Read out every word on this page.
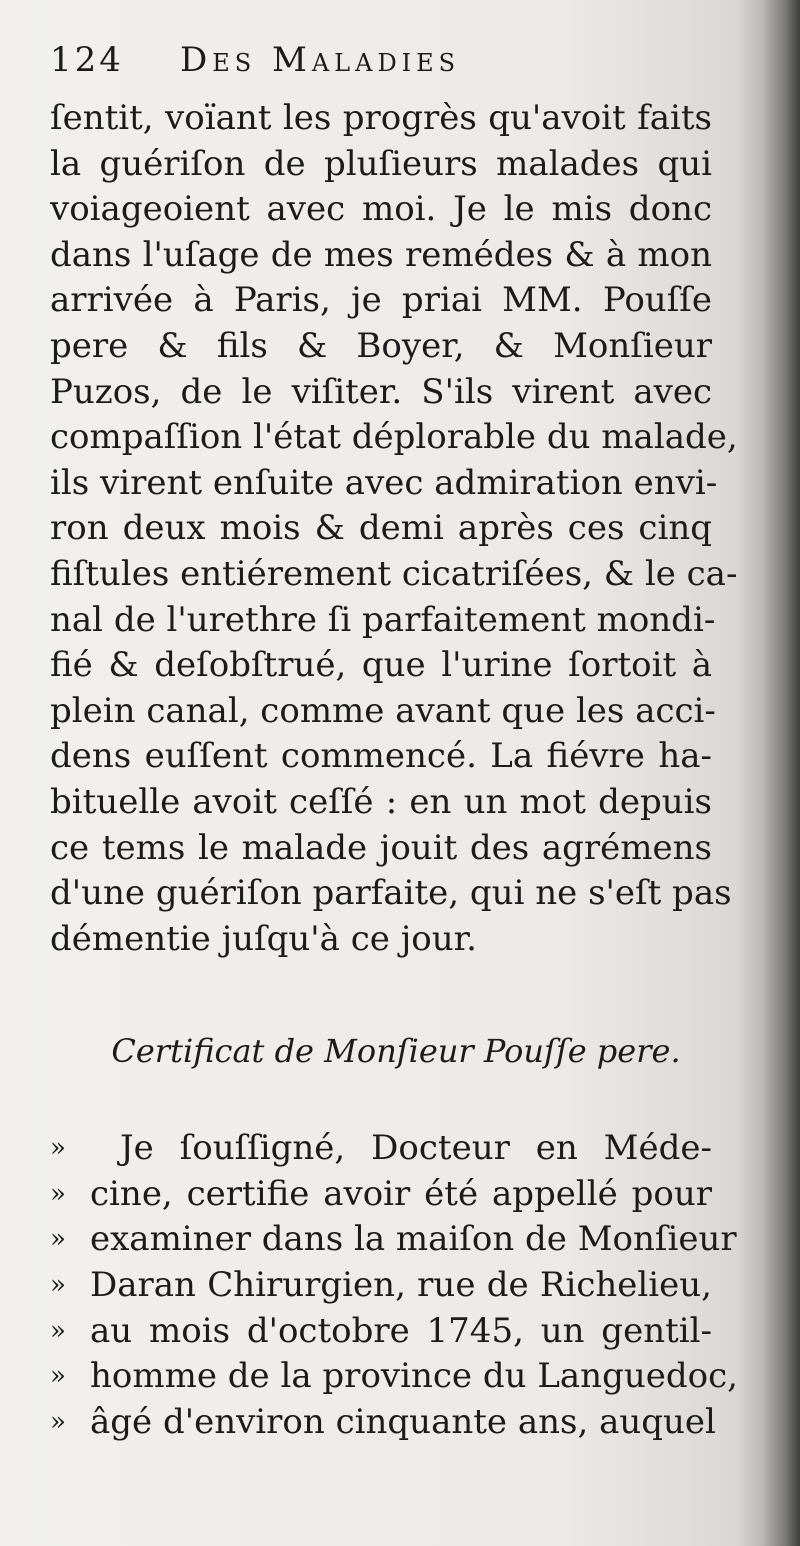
124	Des Maladies
ſentit, voïant les progrès qu'avoit faits
la guériſon de pluſieurs malades qui
voiageoient avec moi. Je le mis donc
dans l'uſage de mes remédes & à mon
arrivée à Paris, je priai MM. Pouſſe
pere & fils & Boyer, & Monſieur
Puzos, de le viſiter. S'ils virent avec
compaſſion l'état déplorable du malade,
ils virent enſuite avec admiration envi-
ron deux mois & demi après ces cinq
fiſtules entiérement cicatriſées, & le ca-
nal de l'urethre ſi parfaitement mondi-
fié & deſobſtrué, que l'urine ſortoit à
plein canal, comme avant que les acci-
dens euſſent commencé. La fiévre ha-
bituelle avoit ceſſé : en un mot depuis
ce tems le malade jouit des agrémens
d'une guériſon parfaite, qui ne s'eſt pas
démentie juſqu'à ce jour.
Certificat de Monſieur Pouſſe pere.
»	Je ſouſſigné, Docteur en Méde-
» cine, certifie avoir été appellé pour
» examiner dans la maiſon de Monſieur
» Daran Chirurgien, rue de Richelieu,
» au mois d'octobre 1745, un gentil-
» homme de la province du Languedoc,
» âgé d'environ cinquante ans, auquel
